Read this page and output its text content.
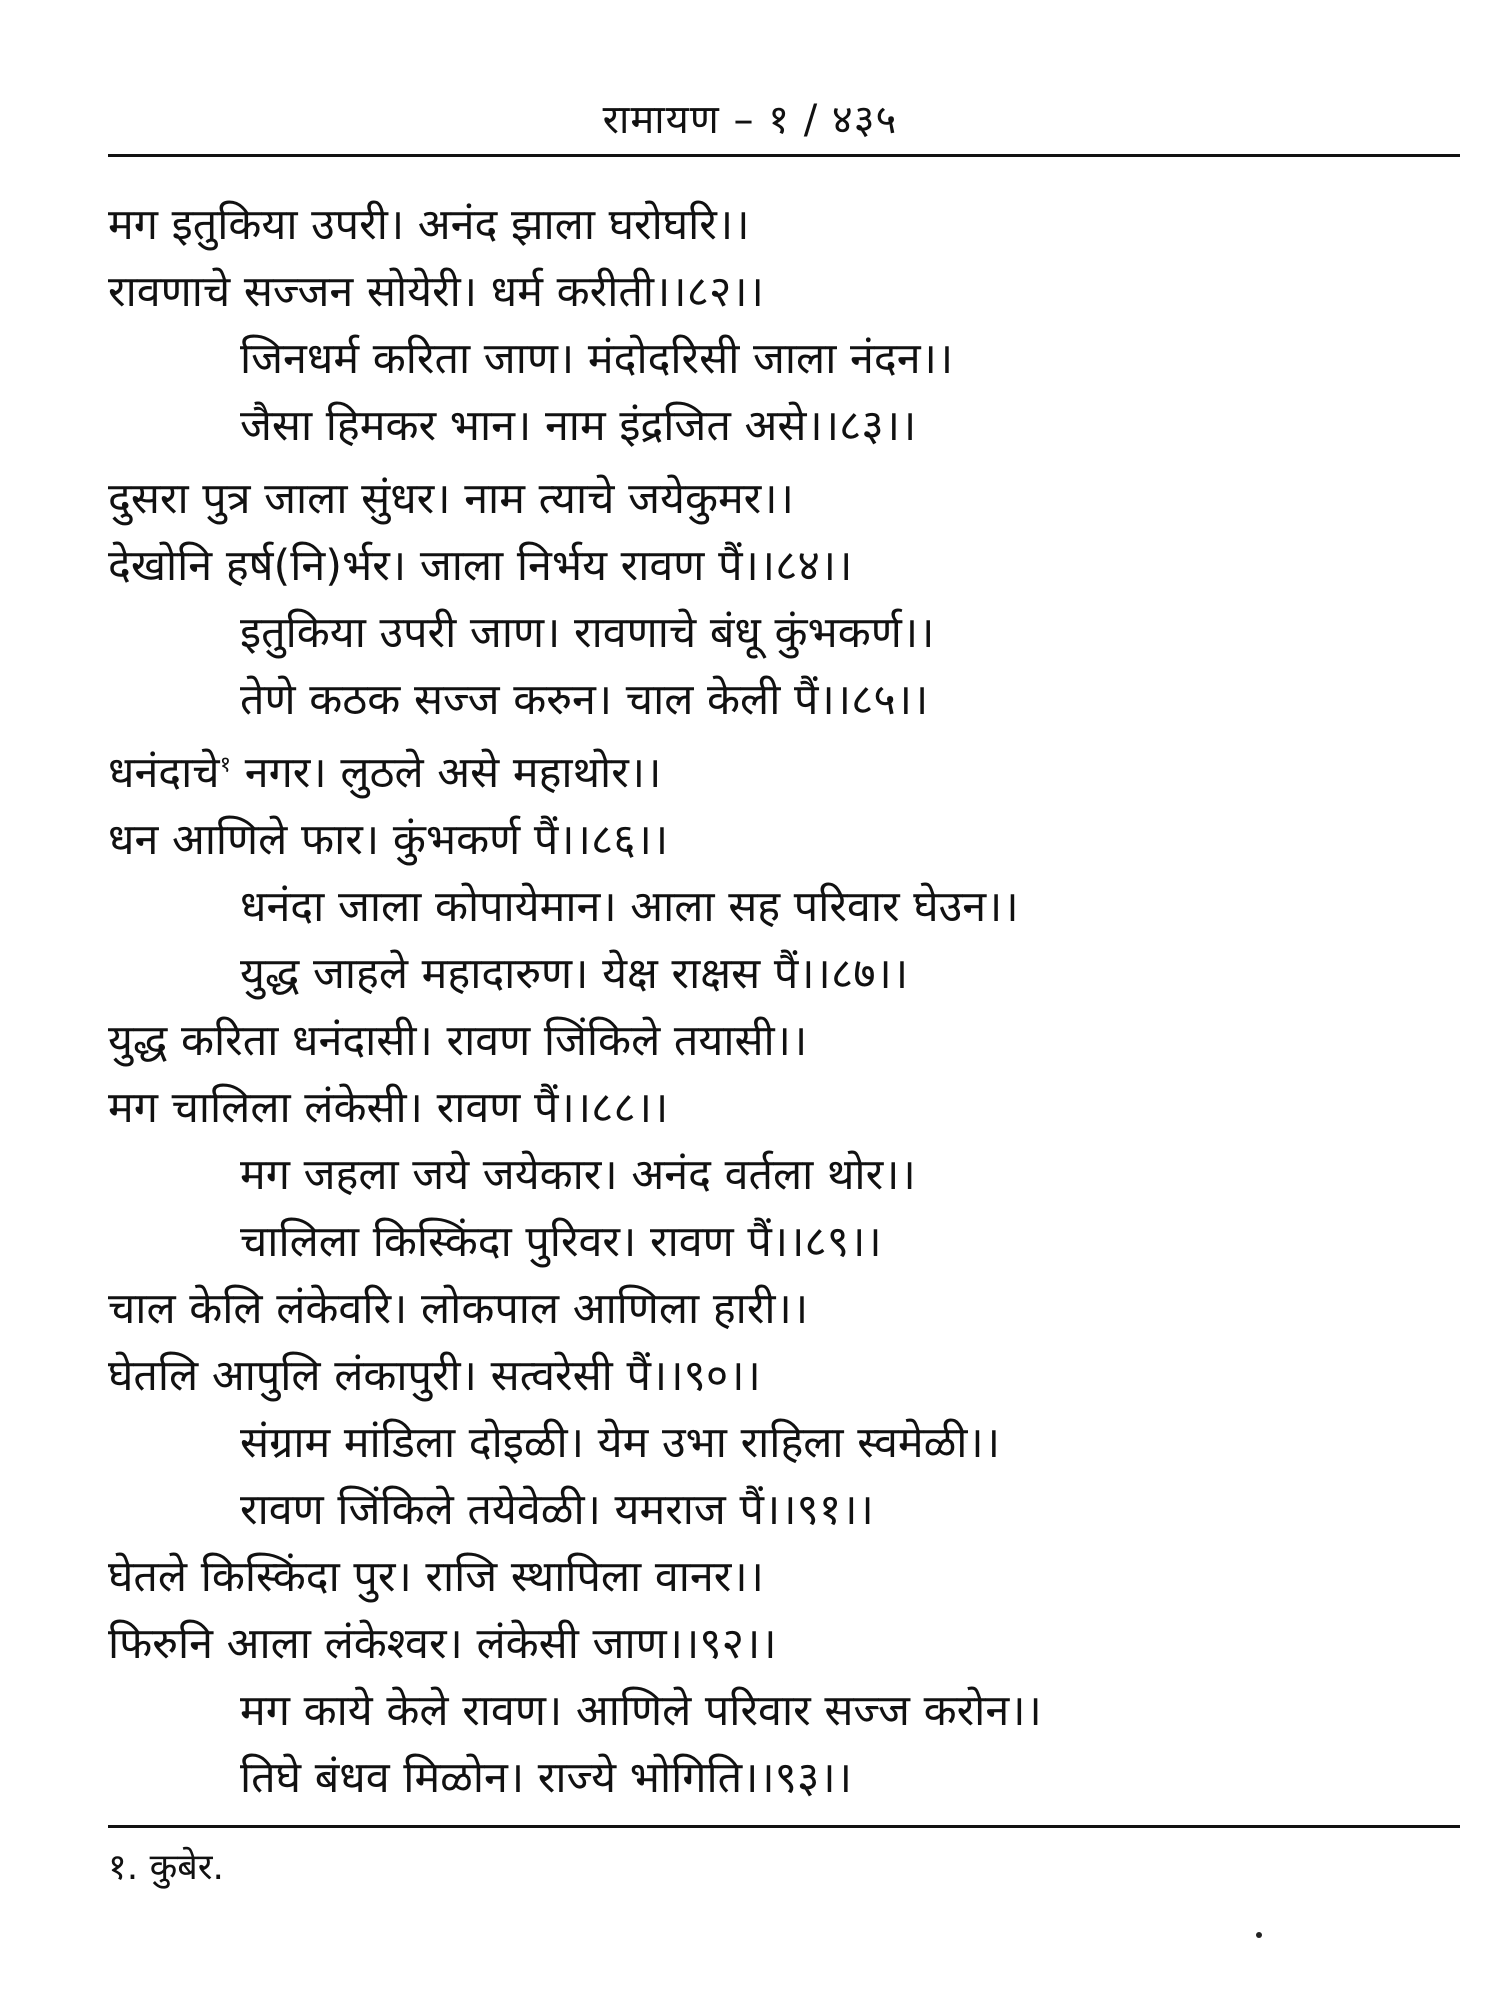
रामायण – १ / ४३५
मग इतुकिया उपरी। अनंद झाला घरोघरि।।
रावणाचे सज्जन सोयेरी। धर्म करीती।।८२।।
जिनधर्म करिता जाण। मंदोदरिसी जाला नंदन।।
जैसा हिमकर भान। नाम इंद्रजित असे।।८३।।
दुसरा पुत्र जाला सुंधर। नाम त्याचे जयेकुमर।।
देखोनि हर्ष(नि)र्भर। जाला निर्भय रावण पैं।।८४।।
इतुकिया उपरी जाण। रावणाचे बंधू कुंभकर्ण।।
तेणे कठक सज्ज करुन। चाल केली पैं।।८५।।
धनंदाचे$^१$ नगर। लुठले असे महाथोर।।
धन आणिले फार। कुंभकर्ण पैं।।८६।।
धनंदा जाला कोपायेमान। आला सह परिवार घेउन।।
युद्ध जाहले महादारुण। येक्ष राक्षस पैं।।८७।।
युद्ध करिता धनंदासी। रावण जिंकिले तयासी।।
मग चालिला लंकेसी। रावण पैं।।८८।।
मग जहला जये जयेकार। अनंद वर्तला थोर।।
चालिला किस्किंदा पुरिवर। रावण पैं।।८९।।
चाल केलि लंकेवरि। लोकपाल आणिला हारी।।
घेतलि आपुलि लंकापुरी। सत्वरेसी पैं।।९०।।
संग्राम मांडिला दोइळी। येम उभा राहिला स्वमेळी।।
रावण जिंकिले तयेवेळी। यमराज पैं।।९१।।
घेतले किस्किंदा पुर। राजि स्थापिला वानर।।
फिरुनि आला लंकेश्वर। लंकेसी जाण।।९२।।
मग काये केले रावण। आणिले परिवार सज्ज करोन।।
तिघे बंधव मिळोन। राज्ये भोगिति।।९३।।
१. कुबेर.
